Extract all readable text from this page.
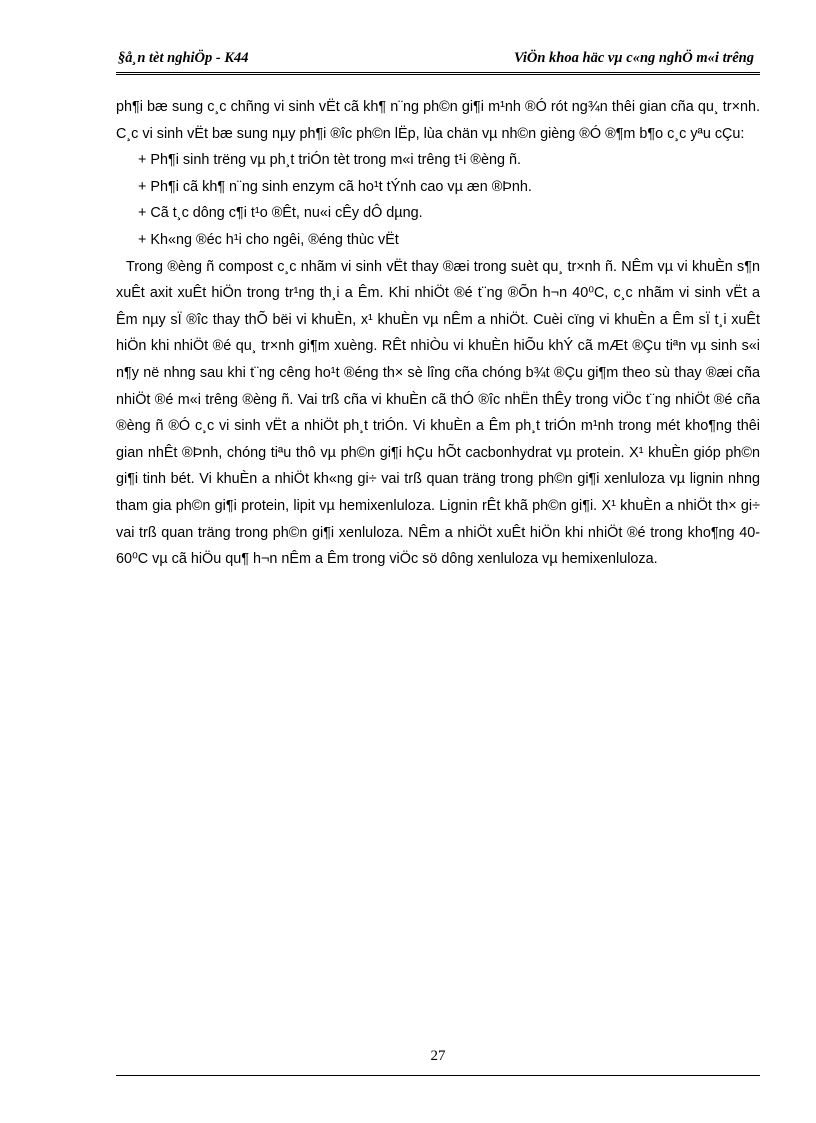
§å¸n tèt nghiÖp - K44	ViÖn khoa häc vµ c«ng nghÖ m«i trêng

ph¶i bæ sung c¸c chñng vi sinh vËt cã kh¶ n¨ng ph©n gi¶i m¹nh ®Ó rót ng¾n thêi gian cña qu¸ tr×nh. C¸c vi sinh vËt bæ sung nµy ph¶i ®îc ph©n lËp, lùa chän vµ nh©n gièng ®Ó ®¶m b¶o c¸c yªu cÇu:

+ Ph¶i sinh trëng vµ ph¸t triÓn tèt trong m«i trêng t¹i ®èng ñ.

+ Ph¶i cã kh¶ n¨ng sinh enzym cã ho¹t tÝnh cao vµ æn ®Þnh.

+ Cã t¸c dông c¶i t¹o ®Êt, nu«i cÊy dÔ dµng.

+ Kh«ng ®éc h¹i cho ngêi, ®éng thùc vËt

Trong ®èng ñ compost c¸c nhãm vi sinh vËt thay ®æi trong suèt qu¸ tr×nh ñ. NÊm vµ vi khuÈn s¶n xuÊt axit xuÊt hiÖn trong tr¹ng th¸i a Êm. Khi nhiÖt ®é t¨ng ®Õn h¬n 40⁰C, c¸c nhãm vi sinh vËt a Êm nµy sÏ ®îc thay thÕ bëi vi khuÈn, x¹ khuÈn vµ nÊm a nhiÖt. Cuèi cïng vi khuÈn a Êm sÏ t¸i xuÊt hiÖn khi nhiÖt ®é qu¸ tr×nh gi¶m xuèng. RÊt nhiÒu vi khuÈn hiÕu khÝ cã mÆt ®Çu tiªn vµ sinh s«i n¶y në nhng sau khi t¨ng cêng ho¹t ®éng th× sè lîng cña chóng b¾t ®Çu gi¶m theo sù thay ®æi cña nhiÖt ®é m«i trêng ®èng ñ. Vai trß cña vi khuÈn cã thÓ ®îc nhËn thÊy trong viÖc t¨ng nhiÖt ®é cña ®èng ñ ®Ó c¸c vi sinh vËt a nhiÖt ph¸t triÓn. Vi khuÈn a Êm ph¸t triÓn m¹nh trong mét kho¶ng thêi gian nhÊt ®Þnh, chóng tiªu thô vµ ph©n gi¶i hÇu hÕt cacbonhydrat vµ protein. X¹ khuÈn gióp ph©n gi¶i tinh bét. Vi khuÈn a nhiÖt kh«ng gi÷ vai trß quan träng trong ph©n gi¶i xenluloza vµ lignin nhng tham gia ph©n gi¶i protein, lipit vµ hemixenluloza. Lignin rÊt khã ph©n gi¶i. X¹ khuÈn a nhiÖt th× gi÷ vai trß quan träng trong ph©n gi¶i xenluloza. NÊm a nhiÖt xuÊt hiÖn khi nhiÖt ®é trong kho¶ng 40-60⁰C vµ cã hiÖu qu¶ h¬n nÊm a Êm trong viÖc sö dông xenluloza vµ hemixenluloza.

27
